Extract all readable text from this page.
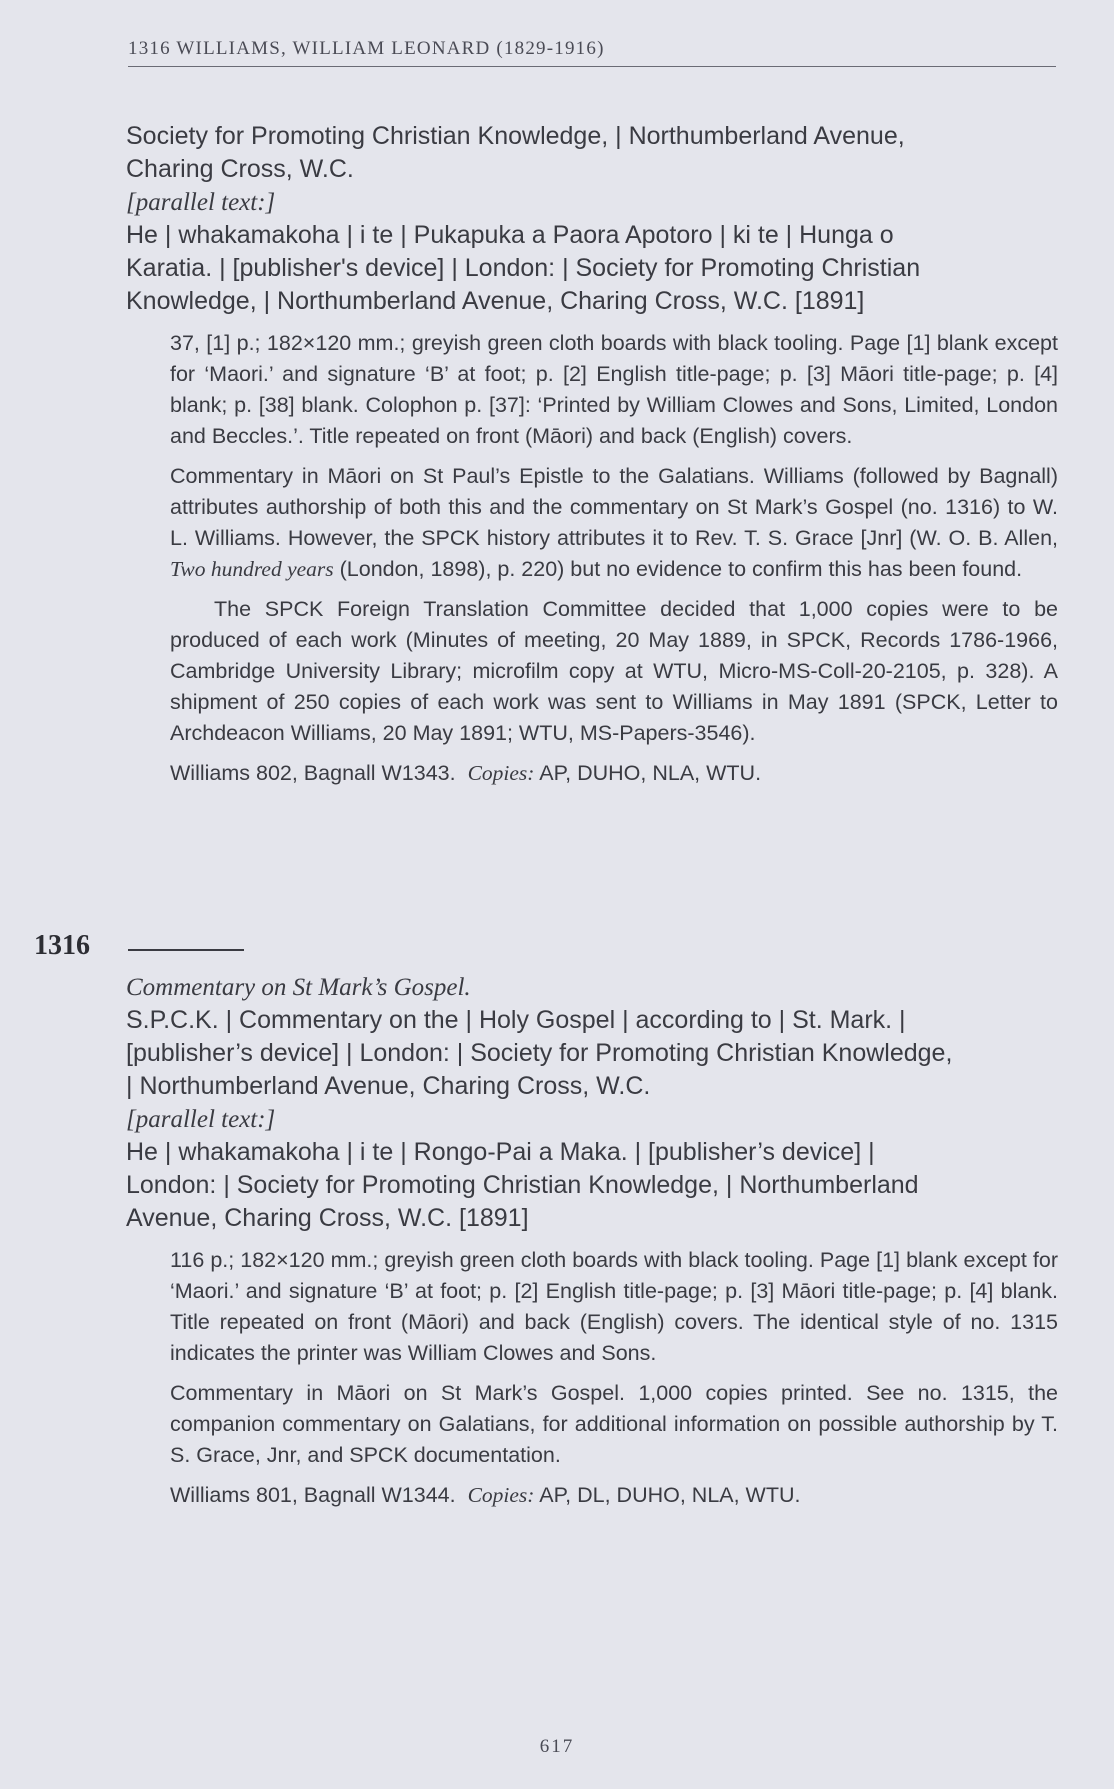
1316 WILLIAMS, WILLIAM LEONARD (1829-1916)

Society for Promoting Christian Knowledge, | Northumberland Avenue,

Charing Cross, W.C.

[parallel text:]

He | whakamakoha | i te | Pukapuka a Paora Apotoro | ki te | Hunga o

Karatia. | [publisher's device] | London: | Society for Promoting Christian

Knowledge, | Northumberland Avenue, Charing Cross, W.C. [1891]

37, [1] p.; 182×120 mm.; greyish green cloth boards with black tooling. Page [1] blank except for ‘Maori.’ and signature ‘B’ at foot; p. [2] English title-page; p. [3] Māori title-page; p. [4] blank; p. [38] blank. Colophon p. [37]: ‘Printed by William Clowes and Sons, Limited, London and Beccles.’. Title repeated on front (Māori) and back (English) covers.

Commentary in Māori on St Paul’s Epistle to the Galatians. Williams (followed by Bagnall) attributes authorship of both this and the commentary on St Mark’s Gospel (no. 1316) to W. L. Williams. However, the SPCK history attributes it to Rev. T. S. Grace [Jnr] (W. O. B. Allen, Two hundred years (London, 1898), p. 220) but no evidence to confirm this has been found.

The SPCK Foreign Translation Committee decided that 1,000 copies were to be produced of each work (Minutes of meeting, 20 May 1889, in SPCK, Records 1786-1966, Cambridge University Library; microfilm copy at WTU, Micro-MS-Coll-20-2105, p. 328). A shipment of 250 copies of each work was sent to Williams in May 1891 (SPCK, Letter to Archdeacon Williams, 20 May 1891; WTU, MS-Papers-3546).

Williams 802, Bagnall W1343. Copies: AP, DUHO, NLA, WTU.

1316

Commentary on St Mark’s Gospel.

S.P.C.K. | Commentary on the | Holy Gospel | according to | St. Mark. |

[publisher’s device] | London: | Society for Promoting Christian Knowledge,

| Northumberland Avenue, Charing Cross, W.C.

[parallel text:]

He | whakamakoha | i te | Rongo-Pai a Maka. | [publisher’s device] |

London: | Society for Promoting Christian Knowledge, | Northumberland

Avenue, Charing Cross, W.C. [1891]

116 p.; 182×120 mm.; greyish green cloth boards with black tooling. Page [1] blank except for ‘Maori.’ and signature ‘B’ at foot; p. [2] English title-page; p. [3] Māori title-page; p. [4] blank. Title repeated on front (Māori) and back (English) covers. The identical style of no. 1315 indicates the printer was William Clowes and Sons.

Commentary in Māori on St Mark’s Gospel. 1,000 copies printed. See no. 1315, the companion commentary on Galatians, for additional information on possible authorship by T. S. Grace, Jnr, and SPCK documentation.

Williams 801, Bagnall W1344. Copies: AP, DL, DUHO, NLA, WTU.

617
